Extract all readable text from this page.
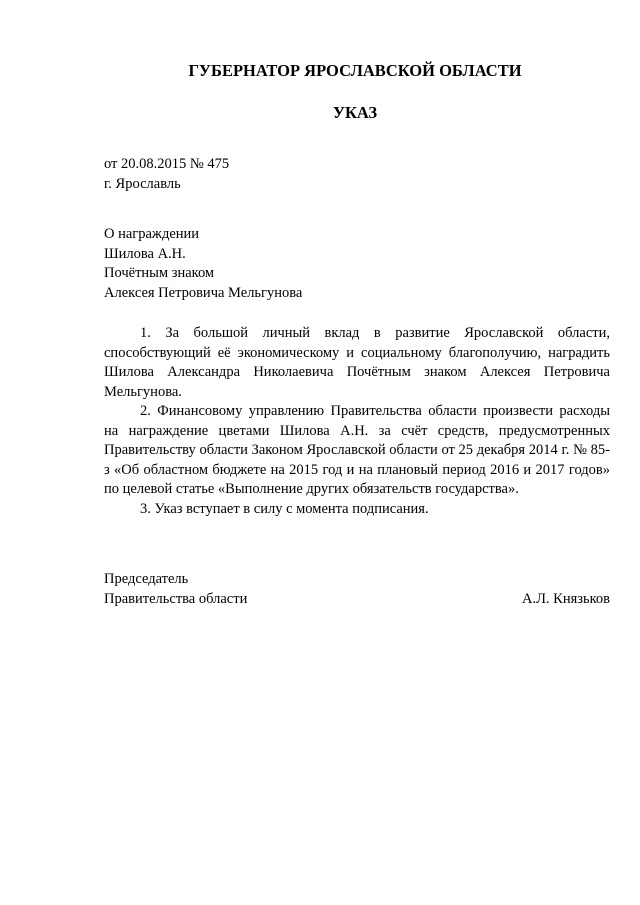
ГУБЕРНАТОР ЯРОСЛАВСКОЙ ОБЛАСТИ
УКАЗ
от 20.08.2015 № 475
г. Ярославль
О награждении
Шилова А.Н.
Почётным знаком
Алексея Петровича Мельгунова

1. За большой личный вклад в развитие Ярославской области, способствующий её экономическому и социальному благополучию, наградить Шилова Александра Николаевича Почётным знаком Алексея Петровича Мельгунова.

2. Финансовому управлению Правительства области произвести расходы на награждение цветами Шилова А.Н. за счёт средств, предусмотренных Правительству области Законом Ярославской области от 25 декабря 2014 г. № 85-з «Об областном бюджете на 2015 год и на плановый период 2016 и 2017 годов» по целевой статье «Выполнение других обязательств государства».

3. Указ вступает в силу с момента подписания.

Председатель
Правительства области	А.Л. Князьков
